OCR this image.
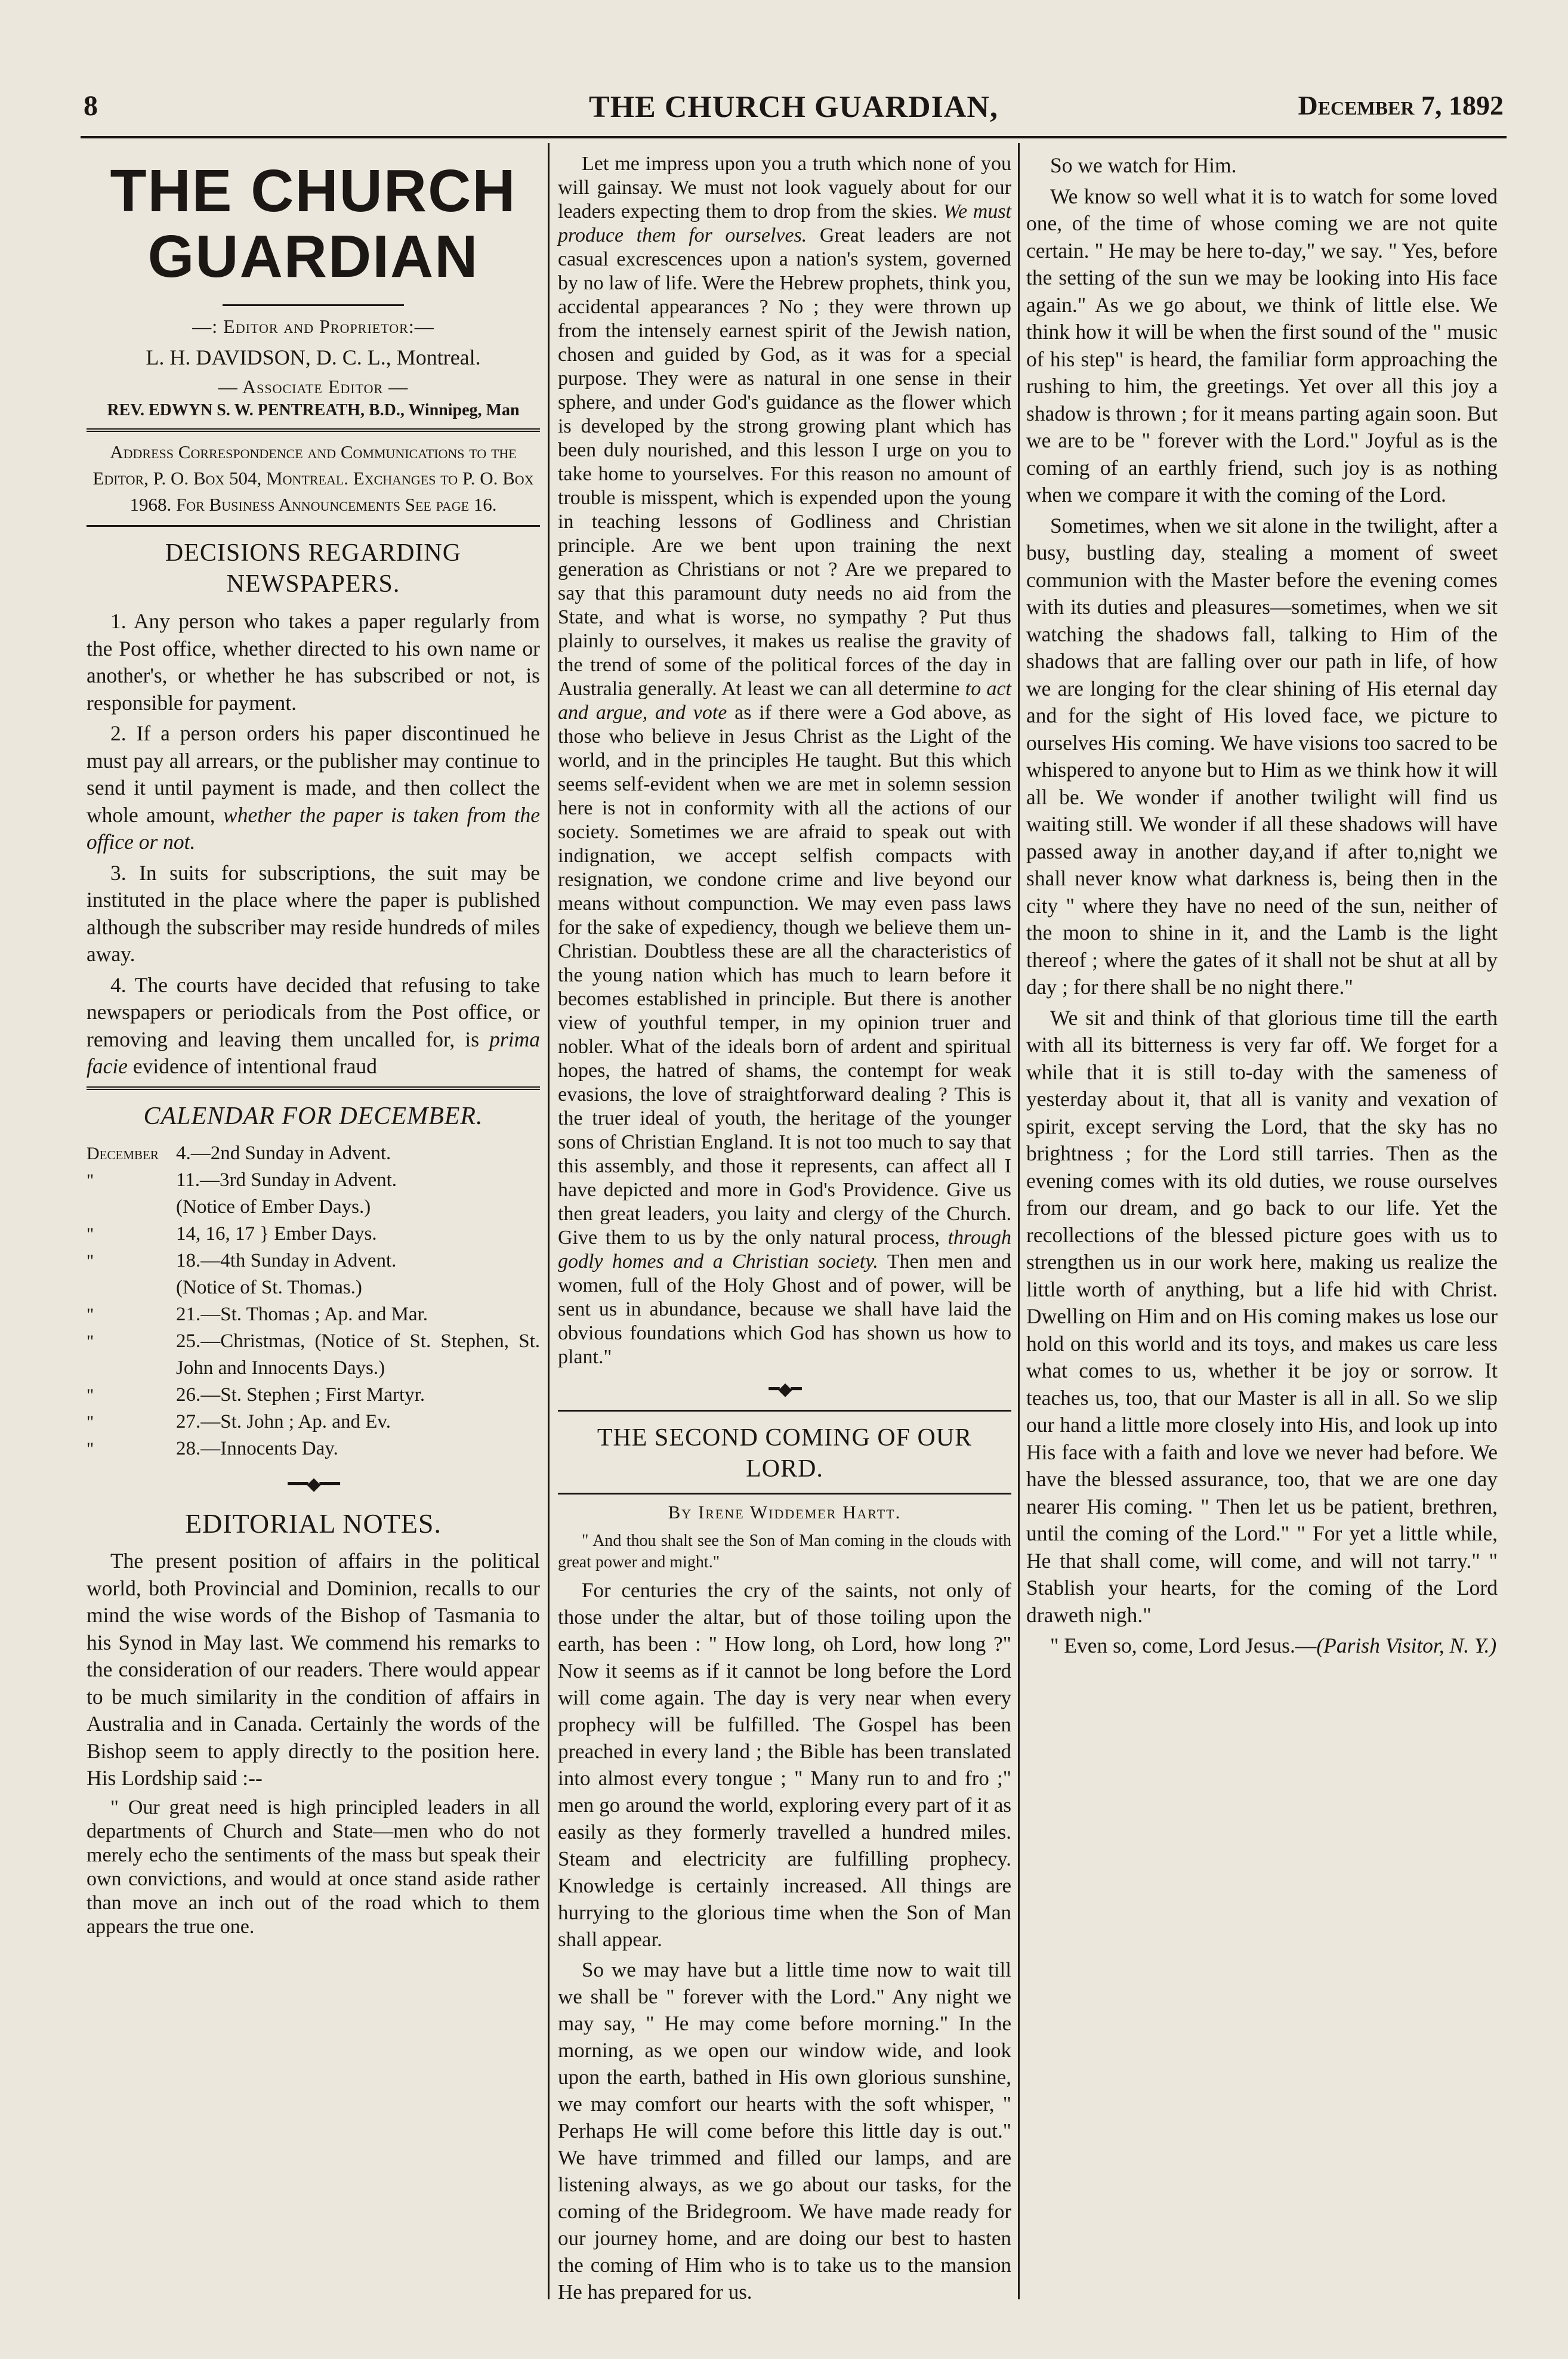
8	THE CHURCH GUARDIAN,	December 7, 1892
THE CHURCH GUARDIAN
—: Editor and Proprietor:—
L. H. DAVIDSON, D. C. L., Montreal.
— Associate Editor —
REV. EDWYN S. W. PENTREATH, B.D., Winnipeg, Man
Address Correspondence and Communications to the Editor, P. O. Box 504, Montreal. Exchanges to P. O. Box 1968. For Business Announcements See page 16.
DECISIONS REGARDING NEWSPAPERS.

1. Any person who takes a paper regularly from the Post office, whether directed to his own name or another's, or whether he has subscribed or not, is responsible for payment.

2. If a person orders his paper discontinued he must pay all arrears, or the publisher may continue to send it until payment is made, and then collect the whole amount, whether the paper is taken from the office or not.

3. In suits for subscriptions, the suit may be instituted in the place where the paper is published although the subscriber may reside hundreds of miles away.

4. The courts have decided that refusing to take newspapers or periodicals from the Post office, or removing and leaving them uncalled for, is prima facie evidence of intentional fraud

CALENDAR FOR DECEMBER.
December 4.—2nd Sunday in Advent.
"	11.—3rd Sunday in Advent.
(Notice of Ember Days.)
"	14, 16, 17 } Ember Days.
"	18.—4th Sunday in Advent.
(Notice of St. Thomas.)
"	21.—St. Thomas ; Ap. and Mar.
"	25.—Christmas, (Notice of St. Stephen, St. John and Innocents Days.)
"	26.—St. Stephen ; First Martyr.
"	27.—St. John ; Ap. and Ev.
"	28.—Innocents Day.
━━◆━━
EDITORIAL NOTES.

The present position of affairs in the political world, both Provincial and Dominion, recalls to our mind the wise words of the Bishop of Tasmania to his Synod in May last. We commend his remarks to the consideration of our readers. There would appear to be much similarity in the condition of affairs in Australia and in Canada. Certainly the words of the Bishop seem to apply directly to the position here. His Lordship said :--

" Our great need is high principled leaders in all departments of Church and State—men who do not merely echo the sentiments of the mass but speak their own convictions, and would at once stand aside rather than move an inch out of the road which to them appears the true one.

Let me impress upon you a truth which none of you will gainsay. We must not look vaguely about for our leaders expecting them to drop from the skies. We must produce them for ourselves. Great leaders are not casual excrescences upon a nation's system, governed by no law of life. Were the Hebrew prophets, think you, accidental appearances ? No ; they were thrown up from the intensely earnest spirit of the Jewish nation, chosen and guided by God, as it was for a special purpose. They were as natural in one sense in their sphere, and under God's guidance as the flower which is developed by the strong growing plant which has been duly nourished, and this lesson I urge on you to take home to yourselves. For this reason no amount of trouble is misspent, which is expended upon the young in teaching lessons of Godliness and Christian principle. Are we bent upon training the next generation as Christians or not ? Are we prepared to say that this paramount duty needs no aid from the State, and what is worse, no sympathy ? Put thus plainly to ourselves, it makes us realise the gravity of the trend of some of the political forces of the day in Australia generally. At least we can all determine to act and argue, and vote as if there were a God above, as those who believe in Jesus Christ as the Light of the world, and in the principles He taught. But this which seems self-evident when we are met in solemn session here is not in conformity with all the actions of our society. Sometimes we are afraid to speak out with indignation, we accept selfish compacts with resignation, we condone crime and live beyond our means without compunction. We may even pass laws for the sake of expediency, though we believe them un-Christian. Doubtless these are all the characteristics of the young nation which has much to learn before it becomes established in principle. But there is another view of youthful temper, in my opinion truer and nobler. What of the ideals born of ardent and spiritual hopes, the hatred of shams, the contempt for weak evasions, the love of straightforward dealing ? This is the truer ideal of youth, the heritage of the younger sons of Christian England. It is not too much to say that this assembly, and those it represents, can affect all I have depicted and more in God's Providence. Give us then great leaders, you laity and clergy of the Church. Give them to us by the only natural process, through godly homes and a Christian society. Then men and women, full of the Holy Ghost and of power, will be sent us in abundance, because we shall have laid the obvious foundations which God has shown us how to plant."

━◆━
THE SECOND COMING OF OUR LORD.
By Irene Widdemer Hartt.

" And thou shalt see the Son of Man coming in the clouds with great power and might."

For centuries the cry of the saints, not only of those under the altar, but of those toiling upon the earth, has been : " How long, oh Lord, how long ?" Now it seems as if it cannot be long before the Lord will come again. The day is very near when every prophecy will be fulfilled. The Gospel has been preached in every land ; the Bible has been translated into almost every tongue ; " Many run to and fro ;" men go around the world, exploring every part of it as easily as they formerly travelled a hundred miles. Steam and electricity are fulfilling prophecy. Knowledge is certainly increased. All things are hurrying to the glorious time when the Son of Man shall appear.

So we may have but a little time now to wait till we shall be " forever with the Lord." Any night we may say, " He may come before morning." In the morning, as we open our window wide, and look upon the earth, bathed in His own glorious sunshine, we may comfort our hearts with the soft whisper, " Perhaps He will come before this little day is out." We have trimmed and filled our lamps, and are listening always, as we go about our tasks, for the coming of the Bridegroom. We have made ready for our journey home, and are doing our best to hasten the coming of Him who is to take us to the mansion He has prepared for us.

So we watch for Him.

We know so well what it is to watch for some loved one, of the time of whose coming we are not quite certain. " He may be here to-day," we say. " Yes, before the setting of the sun we may be looking into His face again." As we go about, we think of little else. We think how it will be when the first sound of the " music of his step" is heard, the familiar form approaching the rushing to him, the greetings. Yet over all this joy a shadow is thrown ; for it means parting again soon. But we are to be " forever with the Lord." Joyful as is the coming of an earthly friend, such joy is as nothing when we compare it with the coming of the Lord.

Sometimes, when we sit alone in the twilight, after a busy, bustling day, stealing a moment of sweet communion with the Master before the evening comes with its duties and pleasures—sometimes, when we sit watching the shadows fall, talking to Him of the shadows that are falling over our path in life, of how we are longing for the clear shining of His eternal day and for the sight of His loved face, we picture to ourselves His coming. We have visions too sacred to be whispered to anyone but to Him as we think how it will all be. We wonder if another twilight will find us waiting still. We wonder if all these shadows will have passed away in another day,and if after to,night we shall never know what darkness is, being then in the city " where they have no need of the sun, neither of the moon to shine in it, and the Lamb is the light thereof ; where the gates of it shall not be shut at all by day ; for there shall be no night there."

We sit and think of that glorious time till the earth with all its bitterness is very far off. We forget for a while that it is still to-day with the sameness of yesterday about it, that all is vanity and vexation of spirit, except serving the Lord, that the sky has no brightness ; for the Lord still tarries. Then as the evening comes with its old duties, we rouse ourselves from our dream, and go back to our life. Yet the recollections of the blessed picture goes with us to strengthen us in our work here, making us realize the little worth of anything, but a life hid with Christ. Dwelling on Him and on His coming makes us lose our hold on this world and its toys, and makes us care less what comes to us, whether it be joy or sorrow. It teaches us, too, that our Master is all in all. So we slip our hand a little more closely into His, and look up into His face with a faith and love we never had before. We have the blessed assurance, too, that we are one day nearer His coming. " Then let us be patient, brethren, until the coming of the Lord." " For yet a little while, He that shall come, will come, and will not tarry." " Stablish your hearts, for the coming of the Lord draweth nigh."

" Even so, come, Lord Jesus.—(Parish Visitor, N. Y.)
